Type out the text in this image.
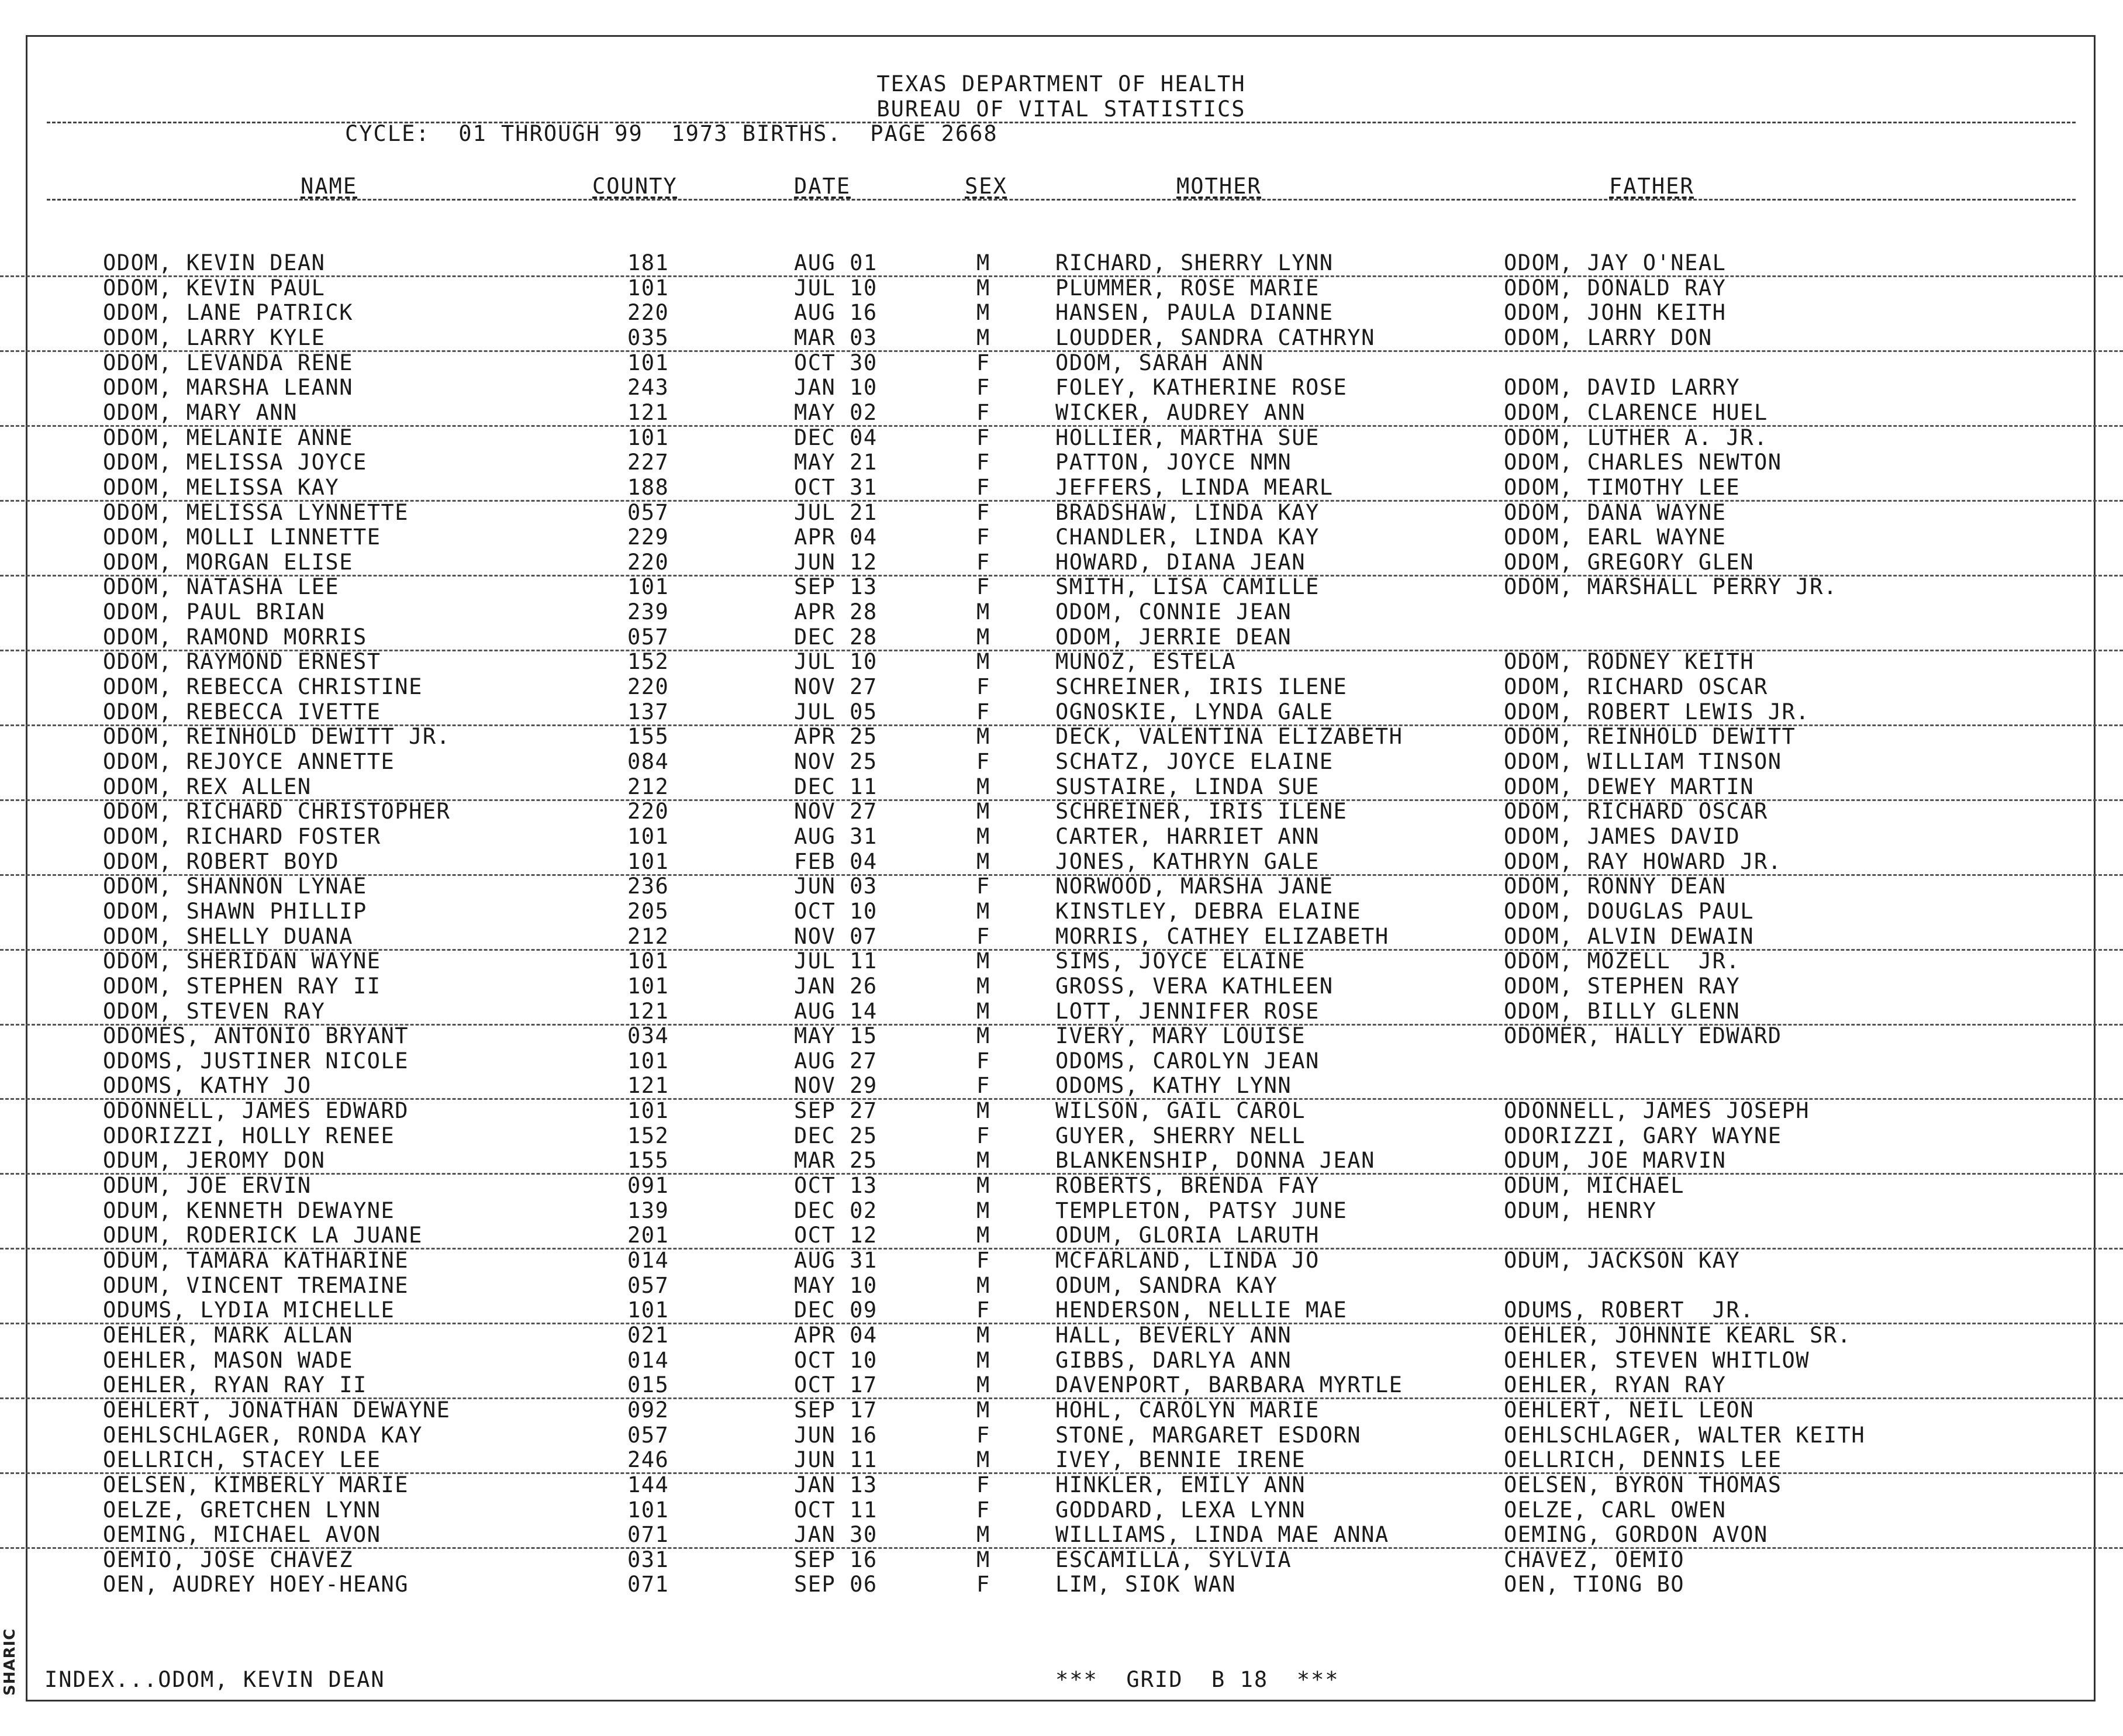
SHARIC
TEXAS DEPARTMENT OF HEALTH
BUREAU OF VITAL STATISTICS
CYCLE:  01 THROUGH 99  1973 BIRTHS.  PAGE 2668
NAME	COUNTY	DATE	SEX	MOTHER	FATHER
ODOM, KEVIN DEAN	181	AUG 01	M	RICHARD, SHERRY LYNN	ODOM, JAY O'NEAL
ODOM, KEVIN PAUL	101	JUL 10	M	PLUMMER, ROSE MARIE	ODOM, DONALD RAY
ODOM, LANE PATRICK	220	AUG 16	M	HANSEN, PAULA DIANNE	ODOM, JOHN KEITH
ODOM, LARRY KYLE	035	MAR 03	M	LOUDDER, SANDRA CATHRYN	ODOM, LARRY DON
ODOM, LEVANDA RENE	101	OCT 30	F	ODOM, SARAH ANN
ODOM, MARSHA LEANN	243	JAN 10	F	FOLEY, KATHERINE ROSE	ODOM, DAVID LARRY
ODOM, MARY ANN	121	MAY 02	F	WICKER, AUDREY ANN	ODOM, CLARENCE HUEL
ODOM, MELANIE ANNE	101	DEC 04	F	HOLLIER, MARTHA SUE	ODOM, LUTHER A. JR.
ODOM, MELISSA JOYCE	227	MAY 21	F	PATTON, JOYCE NMN	ODOM, CHARLES NEWTON
ODOM, MELISSA KAY	188	OCT 31	F	JEFFERS, LINDA MEARL	ODOM, TIMOTHY LEE
ODOM, MELISSA LYNNETTE	057	JUL 21	F	BRADSHAW, LINDA KAY	ODOM, DANA WAYNE
ODOM, MOLLI LINNETTE	229	APR 04	F	CHANDLER, LINDA KAY	ODOM, EARL WAYNE
ODOM, MORGAN ELISE	220	JUN 12	F	HOWARD, DIANA JEAN	ODOM, GREGORY GLEN
ODOM, NATASHA LEE	101	SEP 13	F	SMITH, LISA CAMILLE	ODOM, MARSHALL PERRY JR.
ODOM, PAUL BRIAN	239	APR 28	M	ODOM, CONNIE JEAN
ODOM, RAMOND MORRIS	057	DEC 28	M	ODOM, JERRIE DEAN
ODOM, RAYMOND ERNEST	152	JUL 10	M	MUNOZ, ESTELA	ODOM, RODNEY KEITH
ODOM, REBECCA CHRISTINE	220	NOV 27	F	SCHREINER, IRIS ILENE	ODOM, RICHARD OSCAR
ODOM, REBECCA IVETTE	137	JUL 05	F	OGNOSKIE, LYNDA GALE	ODOM, ROBERT LEWIS JR.
ODOM, REINHOLD DEWITT JR.	155	APR 25	M	DECK, VALENTINA ELIZABETH	ODOM, REINHOLD DEWITT
ODOM, REJOYCE ANNETTE	084	NOV 25	F	SCHATZ, JOYCE ELAINE	ODOM, WILLIAM TINSON
ODOM, REX ALLEN	212	DEC 11	M	SUSTAIRE, LINDA SUE	ODOM, DEWEY MARTIN
ODOM, RICHARD CHRISTOPHER	220	NOV 27	M	SCHREINER, IRIS ILENE	ODOM, RICHARD OSCAR
ODOM, RICHARD FOSTER	101	AUG 31	M	CARTER, HARRIET ANN	ODOM, JAMES DAVID
ODOM, ROBERT BOYD	101	FEB 04	M	JONES, KATHRYN GALE	ODOM, RAY HOWARD JR.
ODOM, SHANNON LYNAE	236	JUN 03	F	NORWOOD, MARSHA JANE	ODOM, RONNY DEAN
ODOM, SHAWN PHILLIP	205	OCT 10	M	KINSTLEY, DEBRA ELAINE	ODOM, DOUGLAS PAUL
ODOM, SHELLY DUANA	212	NOV 07	F	MORRIS, CATHEY ELIZABETH	ODOM, ALVIN DEWAIN
ODOM, SHERIDAN WAYNE	101	JUL 11	M	SIMS, JOYCE ELAINE	ODOM, MOZELL  JR.
ODOM, STEPHEN RAY II	101	JAN 26	M	GROSS, VERA KATHLEEN	ODOM, STEPHEN RAY
ODOM, STEVEN RAY	121	AUG 14	M	LOTT, JENNIFER ROSE	ODOM, BILLY GLENN
ODOMES, ANTONIO BRYANT	034	MAY 15	M	IVERY, MARY LOUISE	ODOMER, HALLY EDWARD
ODOMS, JUSTINER NICOLE	101	AUG 27	F	ODOMS, CAROLYN JEAN
ODOMS, KATHY JO	121	NOV 29	F	ODOMS, KATHY LYNN
ODONNELL, JAMES EDWARD	101	SEP 27	M	WILSON, GAIL CAROL	ODONNELL, JAMES JOSEPH
ODORIZZI, HOLLY RENEE	152	DEC 25	F	GUYER, SHERRY NELL	ODORIZZI, GARY WAYNE
ODUM, JEROMY DON	155	MAR 25	M	BLANKENSHIP, DONNA JEAN	ODUM, JOE MARVIN
ODUM, JOE ERVIN	091	OCT 13	M	ROBERTS, BRENDA FAY	ODUM, MICHAEL
ODUM, KENNETH DEWAYNE	139	DEC 02	M	TEMPLETON, PATSY JUNE	ODUM, HENRY
ODUM, RODERICK LA JUANE	201	OCT 12	M	ODUM, GLORIA LARUTH
ODUM, TAMARA KATHARINE	014	AUG 31	F	MCFARLAND, LINDA JO	ODUM, JACKSON KAY
ODUM, VINCENT TREMAINE	057	MAY 10	M	ODUM, SANDRA KAY
ODUMS, LYDIA MICHELLE	101	DEC 09	F	HENDERSON, NELLIE MAE	ODUMS, ROBERT  JR.
OEHLER, MARK ALLAN	021	APR 04	M	HALL, BEVERLY ANN	OEHLER, JOHNNIE KEARL SR.
OEHLER, MASON WADE	014	OCT 10	M	GIBBS, DARLYA ANN	OEHLER, STEVEN WHITLOW
OEHLER, RYAN RAY II	015	OCT 17	M	DAVENPORT, BARBARA MYRTLE	OEHLER, RYAN RAY
OEHLERT, JONATHAN DEWAYNE	092	SEP 17	M	HOHL, CAROLYN MARIE	OEHLERT, NEIL LEON
OEHLSCHLAGER, RONDA KAY	057	JUN 16	F	STONE, MARGARET ESDORN	OEHLSCHLAGER, WALTER KEITH
OELLRICH, STACEY LEE	246	JUN 11	M	IVEY, BENNIE IRENE	OELLRICH, DENNIS LEE
OELSEN, KIMBERLY MARIE	144	JAN 13	F	HINKLER, EMILY ANN	OELSEN, BYRON THOMAS
OELZE, GRETCHEN LYNN	101	OCT 11	F	GODDARD, LEXA LYNN	OELZE, CARL OWEN
OEMING, MICHAEL AVON	071	JAN 30	M	WILLIAMS, LINDA MAE ANNA	OEMING, GORDON AVON
OEMIO, JOSE CHAVEZ	031	SEP 16	M	ESCAMILLA, SYLVIA	CHAVEZ, OEMIO
OEN, AUDREY HOEY-HEANG	071	SEP 06	F	LIM, SIOK WAN	OEN, TIONG BO
INDEX...ODOM, KEVIN DEAN	***  GRID  B 18  ***
